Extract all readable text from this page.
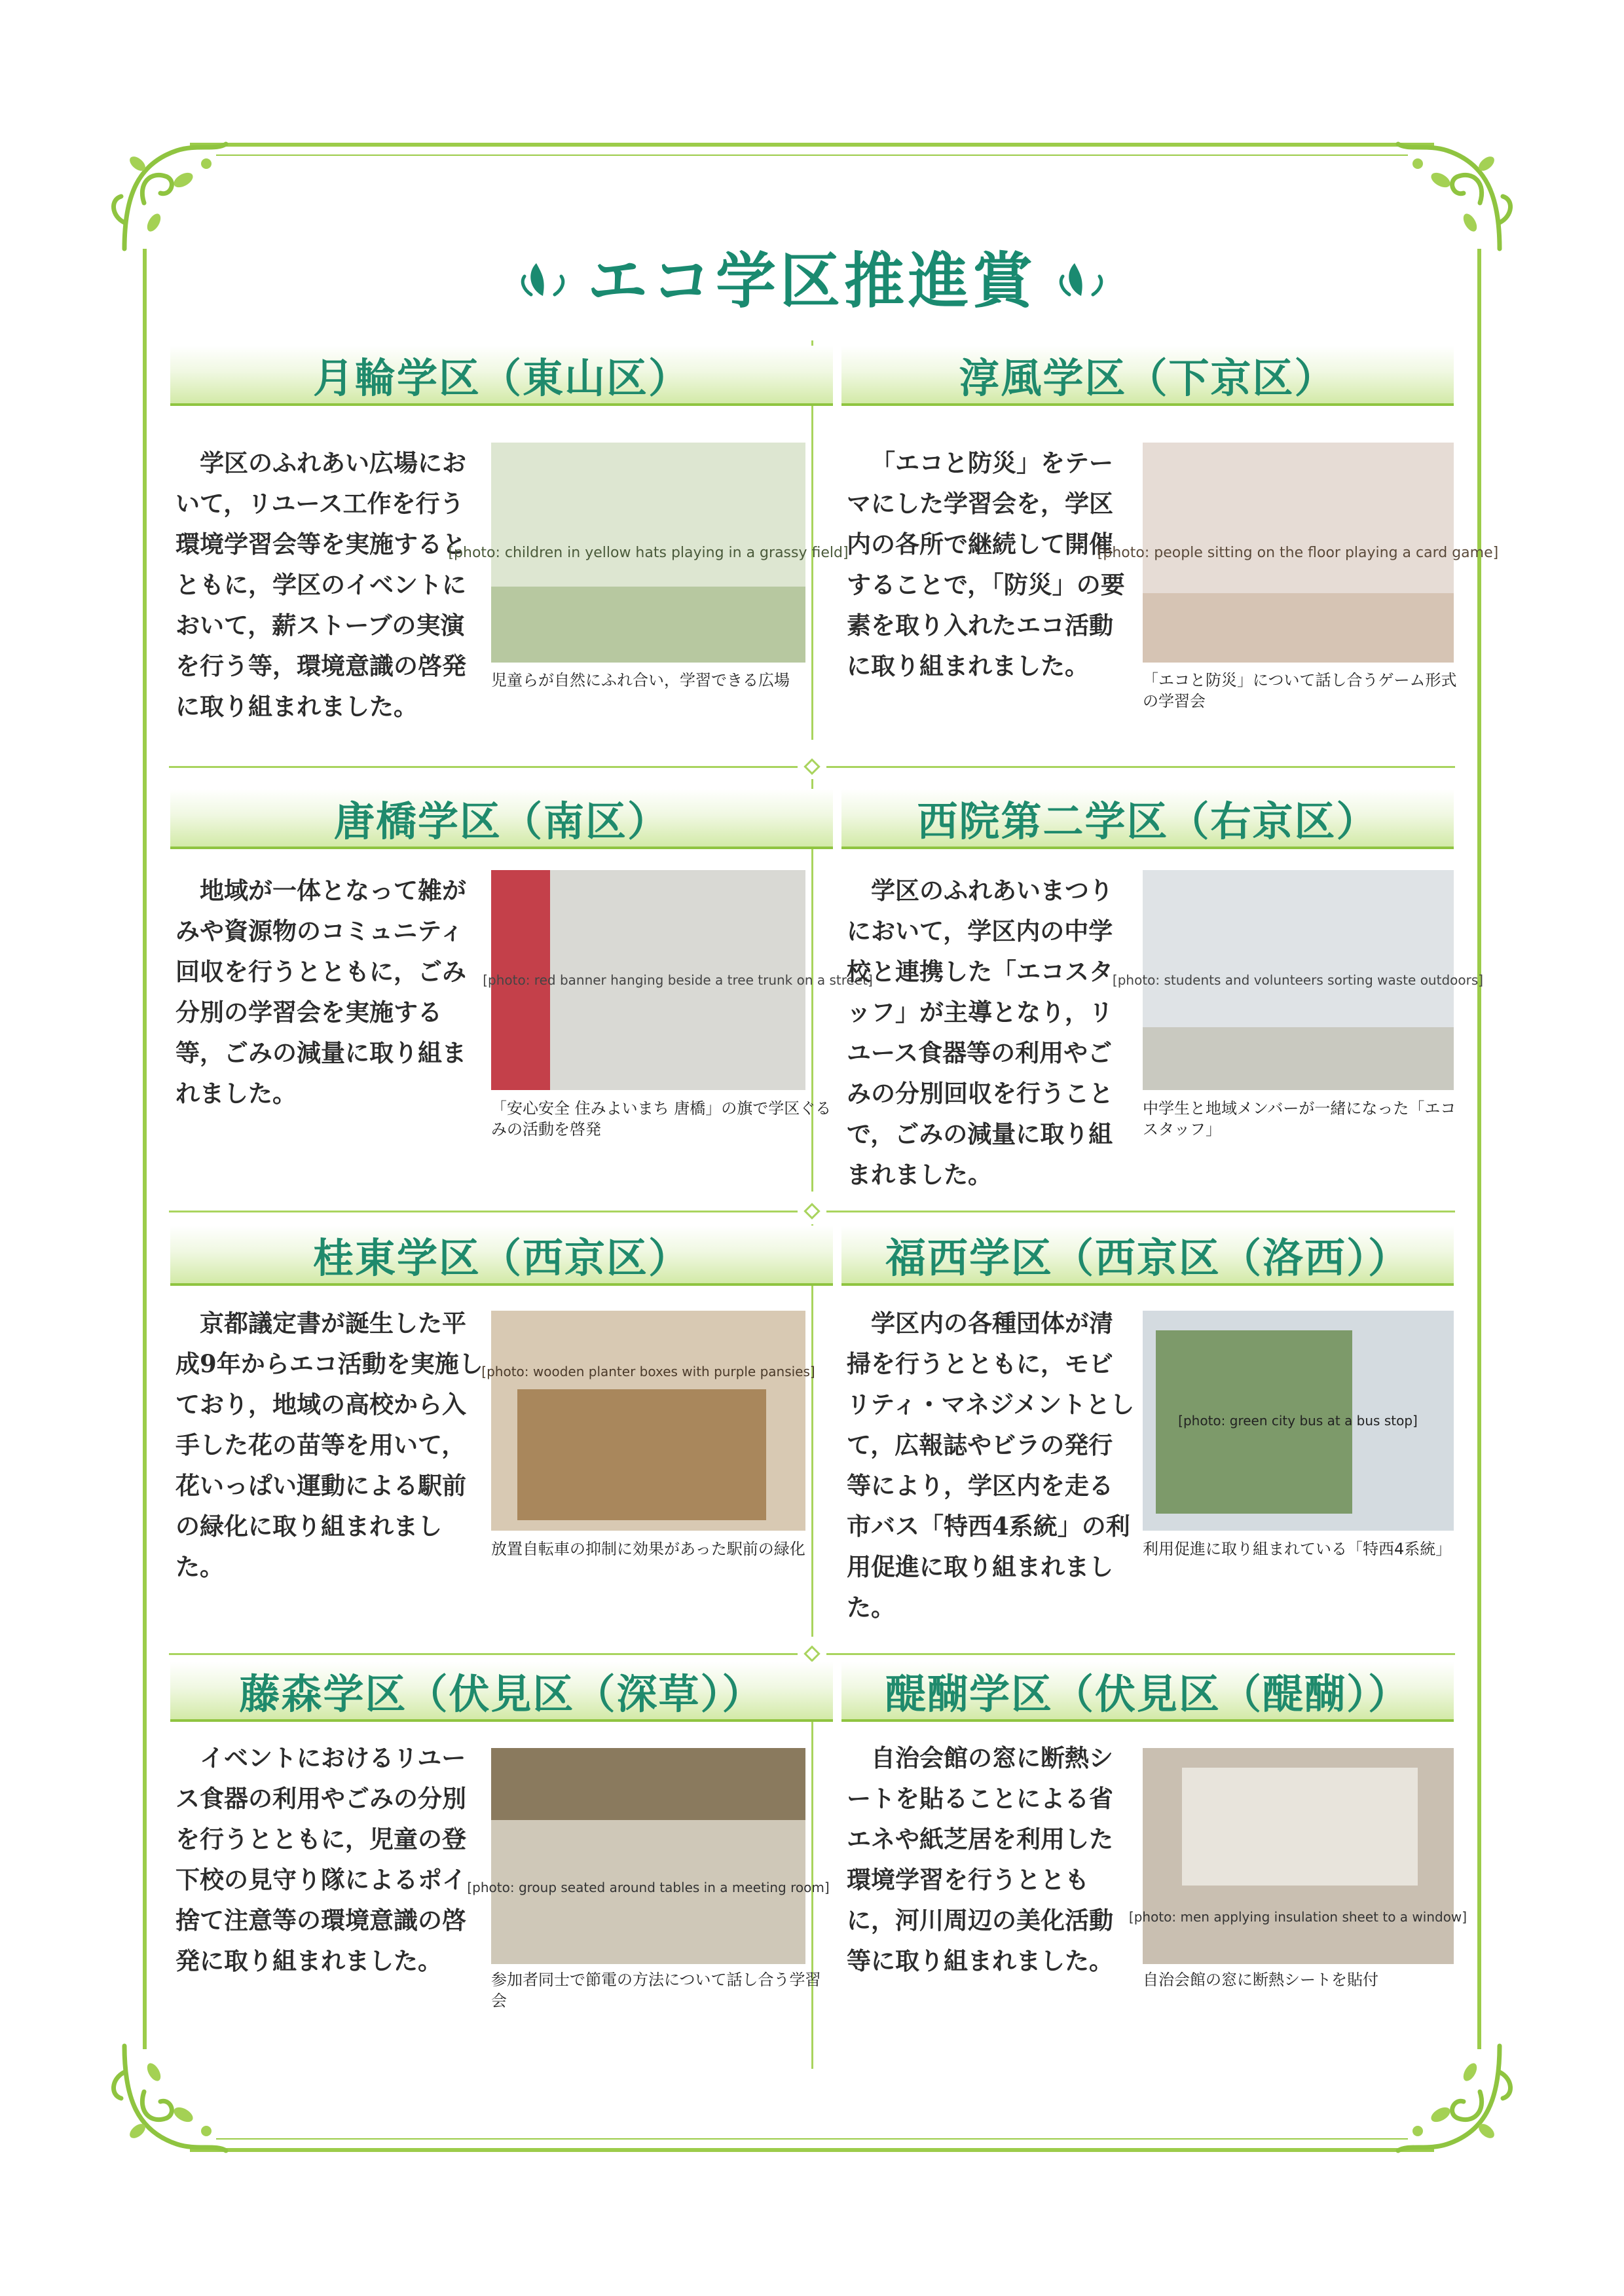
エコ学区推進賞
月輪学区（東山区）
学区のふれあい広場において，リユース工作を行う環境学習会等を実施するとともに，学区のイベントにおいて，薪ストーブの実演を行う等，環境意識の啓発に取り組まれました。
[photo: children in yellow hats playing in a grassy field]
児童らが自然にふれ合い，学習できる広場
淳風学区（下京区）
「エコと防災」をテーマにした学習会を，学区内の各所で継続して開催することで，「防災」の要素を取り入れたエコ活動に取り組まれました。
[photo: people sitting on the floor playing a card game]
「エコと防災」について話し合うゲーム形式の学習会
唐橋学区（南区）
地域が一体となって雑がみや資源物のコミュニティ回収を行うとともに，ごみ分別の学習会を実施する等，ごみの減量に取り組まれました。
[photo: red banner hanging beside a tree trunk on a street]
「安心安全 住みよいまち 唐橋」の旗で学区ぐるみの活動を啓発
西院第二学区（右京区）
学区のふれあいまつりにおいて，学区内の中学校と連携した「エコスタッフ」が主導となり，リユース食器等の利用やごみの分別回収を行うことで，ごみの減量に取り組まれました。
[photo: students and volunteers sorting waste outdoors]
中学生と地域メンバーが一緒になった「エコスタッフ」
桂東学区（西京区）
京都議定書が誕生した平成9年からエコ活動を実施しており，地域の高校から入手した花の苗等を用いて，花いっぱい運動による駅前の緑化に取り組まれました。
[photo: wooden planter boxes with purple pansies]
放置自転車の抑制に効果があった駅前の緑化
福西学区（西京区（洛西））
学区内の各種団体が清掃を行うとともに，モビリティ・マネジメントとして，広報誌やビラの発行等により，学区内を走る市バス「特西4系統」の利用促進に取り組まれました。
[photo: green city bus at a bus stop]
利用促進に取り組まれている「特西4系統」
藤森学区（伏見区（深草））
イベントにおけるリユース食器の利用やごみの分別を行うとともに，児童の登下校の見守り隊によるポイ捨て注意等の環境意識の啓発に取り組まれました。
[photo: group seated around tables in a meeting room]
参加者同士で節電の方法について話し合う学習会
醍醐学区（伏見区（醍醐））
自治会館の窓に断熱シートを貼ることによる省エネや紙芝居を利用した環境学習を行うとともに，河川周辺の美化活動等に取り組まれました。
[photo: men applying insulation sheet to a window]
自治会館の窓に断熱シートを貼付
